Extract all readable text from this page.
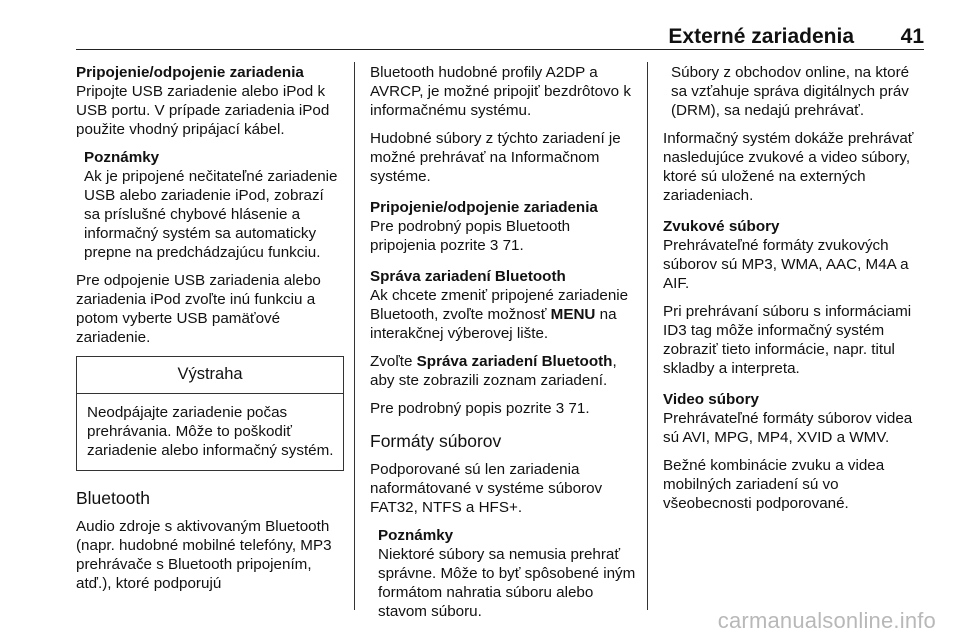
Externé zariadenia 41
Pripojenie/odpojenie zariadenia

Pripojte USB zariadenie alebo iPod k USB portu. V prípade zariadenia iPod použite vhodný pripájací kábel.

Poznámky
Ak je pripojené nečitateľné zariadenie USB alebo zariadenie iPod, zobrazí sa príslušné chybové hlásenie a informačný systém sa automaticky prepne na predchádzajúcu funkciu.

Pre odpojenie USB zariadenia alebo zariadenia iPod zvoľte inú funkciu a potom vyberte USB pamäťové zariadenie.

Výstraha
Neodpájajte zariadenie počas prehrávania. Môže to poškodiť zariadenie alebo informačný systém.
Bluetooth

Audio zdroje s aktivovaným Bluetooth (napr. hudobné mobilné telefóny, MP3 prehrávače s Bluetooth pripojením, atď.), ktoré podporujú

Bluetooth hudobné profily A2DP a AVRCP, je možné pripojiť bezdrôtovo k informačnému systému.

Hudobné súbory z týchto zariadení je možné prehrávať na Informačnom systéme.

Pripojenie/odpojenie zariadenia

Pre podrobný popis Bluetooth pripojenia pozrite 3 71.

Správa zariadení Bluetooth

Ak chcete zmeniť pripojené zariadenie Bluetooth, zvoľte možnosť MENU na interakčnej výberovej lište.

Zvoľte Správa zariadení Bluetooth, aby ste zobrazili zoznam zariadení.

Pre podrobný popis pozrite 3 71.

Formáty súborov

Podporované sú len zariadenia naformátované v systéme súborov FAT32, NTFS a HFS+.

Poznámky
Niektoré súbory sa nemusia prehrať správne. Môže to byť spôsobené iným formátom nahratia súboru alebo stavom súboru.

Súbory z obchodov online, na ktoré sa vzťahuje správa digitálnych práv (DRM), sa nedajú prehrávať.

Informačný systém dokáže prehrávať nasledujúce zvukové a video súbory, ktoré sú uložené na externých zariadeniach.

Zvukové súbory

Prehrávateľné formáty zvukových súborov sú MP3, WMA, AAC, M4A a AIF.

Pri prehrávaní súboru s informáciami ID3 tag môže informačný systém zobraziť tieto informácie, napr. titul skladby a interpreta.

Video súbory

Prehrávateľné formáty súborov videa sú AVI, MPG, MP4, XVID a WMV.

Bežné kombinácie zvuku a videa mobilných zariadení sú vo všeobecnosti podporované.

carmanualsonline.info
